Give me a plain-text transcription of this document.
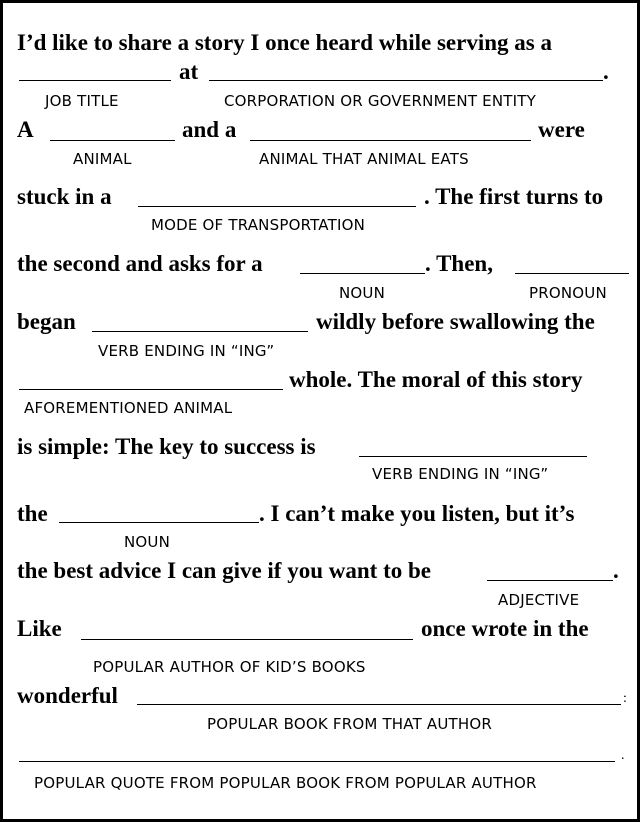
I’d like to share a story I once heard while serving as a
at	.
JOB TITLE	CORPORATION OR GOVERNMENT ENTITY
A	and a	were
ANIMAL	ANIMAL THAT ANIMAL EATS
stuck in a	. The first turns to
MODE OF TRANSPORTATION
the second and asks for a	. Then,
NOUN	PRONOUN
began	wildly before swallowing the
VERB ENDING IN “ING”
whole. The moral of this story
AFOREMENTIONED ANIMAL
is simple: The key to success is
VERB ENDING IN “ING”
the	. I can’t make you listen, but it’s
NOUN
the best advice I can give if you want to be	.
ADJECTIVE
Like	once wrote in the
POPULAR AUTHOR OF KID’S BOOKS
wonderful	:
POPULAR BOOK FROM THAT AUTHOR
.
POPULAR QUOTE FROM POPULAR BOOK FROM POPULAR AUTHOR
